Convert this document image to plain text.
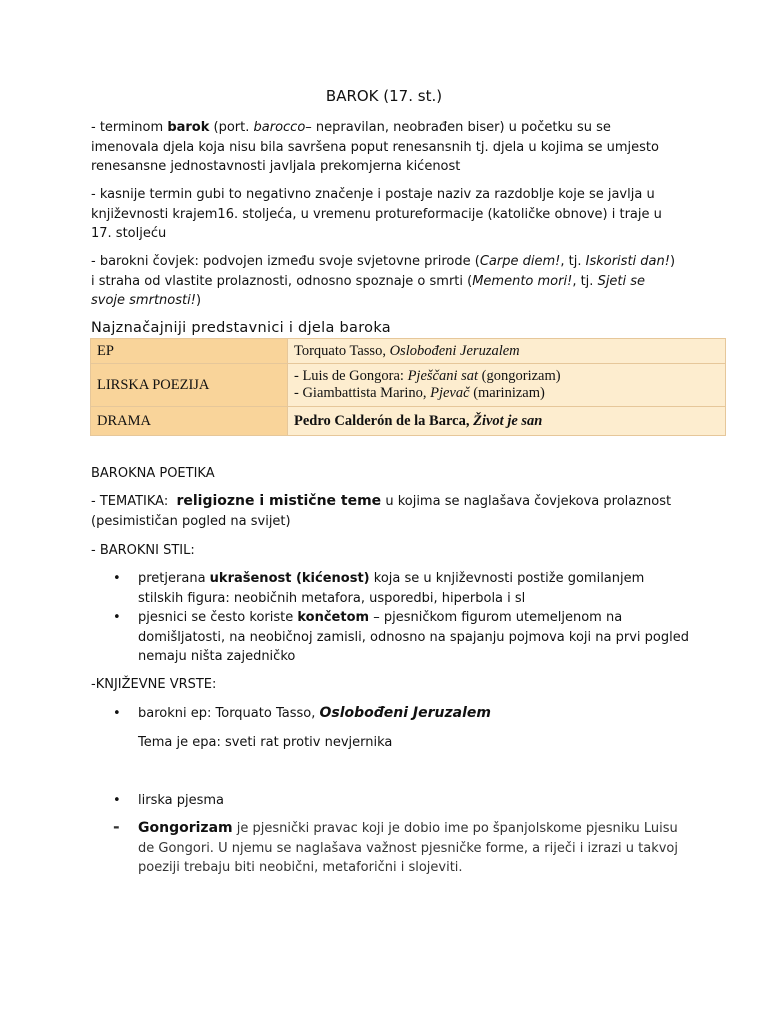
BAROK (17. st.)
- terminom barok (port. barocco– nepravilan, neobrađen biser) u početku su se imenovala djela koja nisu bila savršena poput renesansnih tj. djela u kojima se umjesto renesansne jednostavnosti javljala prekomjerna kićenost
- kasnije termin gubi to negativno značenje i postaje naziv za razdoblje koje se javlja u književnosti krajem16. stoljeća, u vremenu protureformacije (katoličke obnove) i traje u 17. stoljeću
- barokni čovjek: podvojen između svoje svjetovne prirode (Carpe diem!, tj. Iskoristi dan!) i straha od vlastite prolaznosti, odnosno spoznaje o smrti (Memento mori!, tj. Sjeti se svoje smrtnosti!)
Najznačajniji predstavnici i djela baroka
EP	Torquato Tasso, Oslobođeni Jeruzalem
LIRSKA POEZIJA	- Luis de Gongora: Pješčani sat (gongorizam)
- Giambattista Marino, Pjevač (marinizam)

DRAMA	Pedro Calderón de la Barca, Život je san
BAROKNA POETIKA
- TEMATIKA:  religiozne i mistične teme u kojima se naglašava čovjekova prolaznost (pesimističan pogled na svijet)
- BAROKNI STIL:
• pretjerana ukrašenost (kićenost) koja se u književnosti postiže gomilanjem stilskih figura: neobičnih metafora, usporedbi, hiperbola i sl
• pjesnici se često koriste končetom – pjesničkom figurom utemeljenom na domišljatosti, na neobičnoj zamisli, odnosno na spajanju pojmova koji na prvi pogled nemaju ništa zajedničko
-KNJIŽEVNE VRSTE:
• barokni ep: Torquato Tasso, Oslobođeni Jeruzalem
Tema je epa: sveti rat protiv nevjernika
• lirska pjesma
- Gongorizam je pjesnički pravac koji je dobio ime po španjolskome pjesniku Luisu de Gongori. U njemu se naglašava važnost pjesničke forme, a riječi i izrazi u takvoj poeziji trebaju biti neobični, metaforični i slojeviti.
